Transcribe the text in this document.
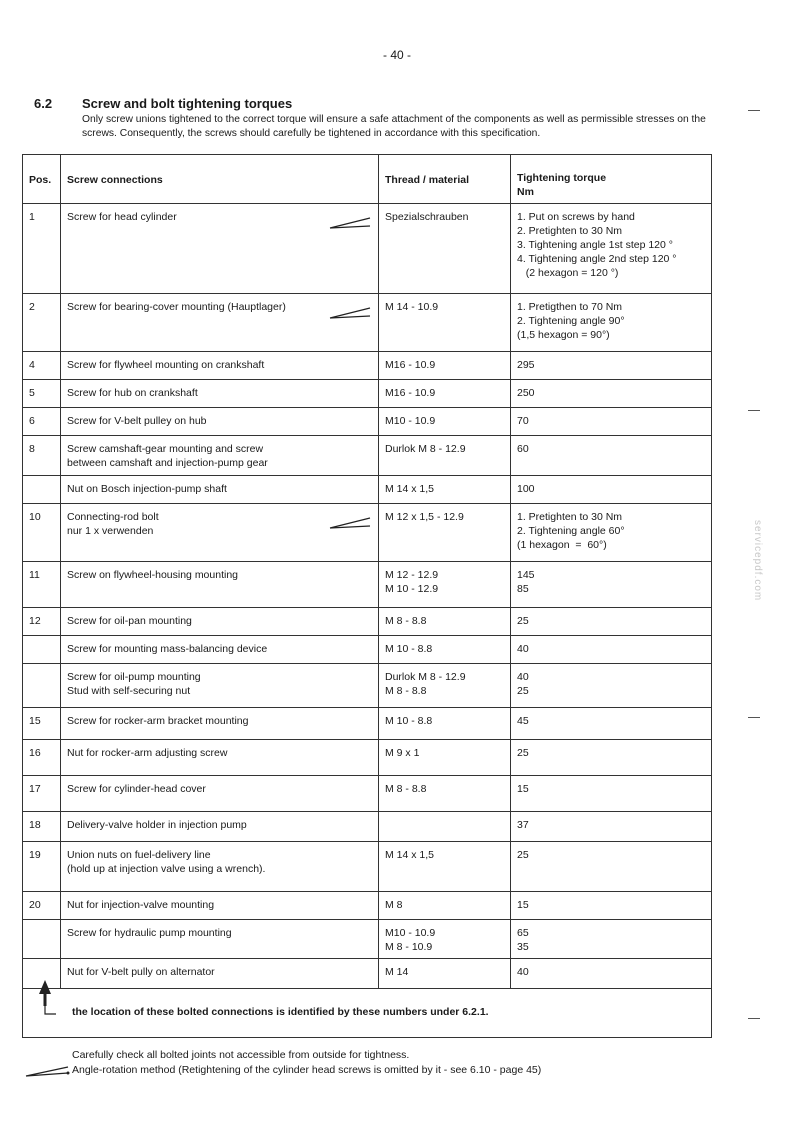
- 40 -
6.2 Screw and bolt tightening torques
Only screw unions tightened to the correct torque will ensure a safe attachment of the components as well as permissible stresses on the screws. Consequently, the screws should carefully be tightened in accordance with this specification.
Pos.	Screw connections	Thread / material	Tightening torque
Nm

1	Screw for head cylinder	Spezialschrauben	1. Put on screws by hand
2. Pretighten to 30 Nm
3. Tightening angle 1st step 120 °
4. Tightening angle 2nd step 120 °
(2 hexagon = 120 °)

2	Screw for bearing-cover mounting (Hauptlager)	M 14 - 10.9	1. Pretigthen to 70 Nm
2. Tightening angle 90°
(1,5 hexagon = 90°)

4	Screw for flywheel mounting on crankshaft	M16 - 10.9	295

5	Screw for hub on crankshaft	M16 - 10.9	250

6	Screw for V-belt pulley on hub	M10 - 10.9	70

8	Screw camshaft-gear mounting and screw
between camshaft and injection-pump gear	Durlok M 8 - 12.9	60

	Nut on Bosch injection-pump shaft	M 14 x 1,5	100

10	Connecting-rod bolt
nur 1 x verwenden	M 12 x 1,5 - 12.9	1. Pretighten to 30 Nm
2. Tightening angle 60°
(1 hexagon  =  60°)

11	Screw on flywheel-housing mounting	M 12 - 12.9
M 10 - 12.9	145
85

12	Screw for oil-pan mounting	M 8 - 8.8	25

	Screw for mounting mass-balancing device	M 10 - 8.8	40

	Screw for oil-pump mounting
Stud with self-securing nut	Durlok M 8 - 12.9
M 8 - 8.8	40
25

15	Screw for rocker-arm bracket mounting	M 10 - 8.8	45

16	Nut for rocker-arm adjusting screw	M 9 x 1	25

17	Screw for cylinder-head cover	M 8 - 8.8	15

18	Delivery-valve holder in injection pump		37

19	Union nuts on fuel-delivery line
(hold up at injection valve using a wrench).	M 14 x 1,5	25

20	Nut for injection-valve mounting	M 8	15

	Screw for hydraulic pump mounting	M10 - 10.9
M 8 - 10.9	65
35

	Nut for V-belt pully on alternator	M 14	40
the location of these bolted connections is identified by these numbers under 6.2.1.
Carefully check all bolted joints not accessible from outside for tightness.
Angle-rotation method (Retightening of the cylinder head screws is omitted by it - see 6.10 - page 45)
servicepdf.com
